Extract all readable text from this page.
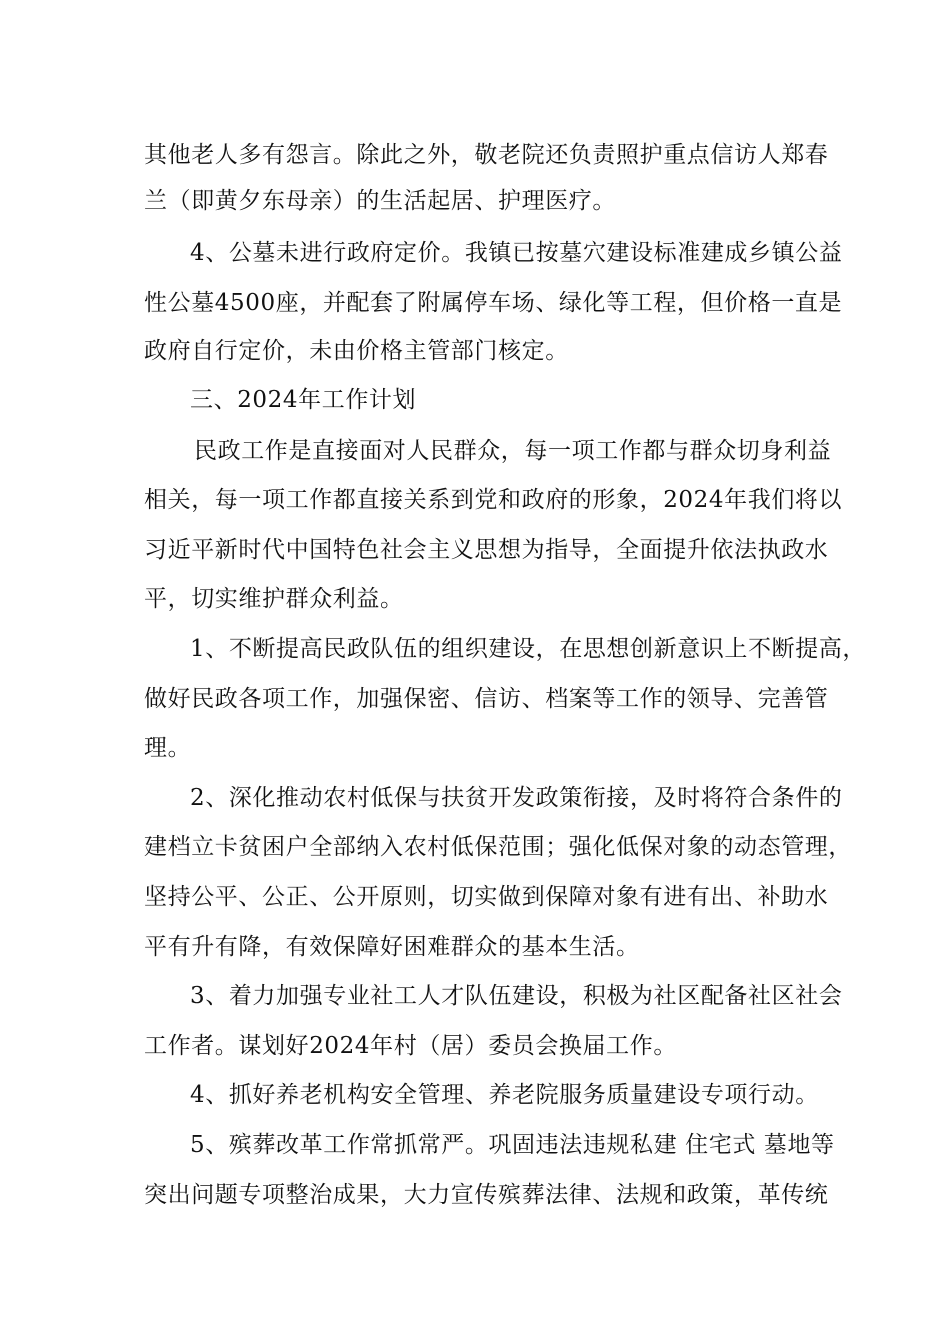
其他老人多有怨言。除此之外，敬老院还负责照护重点信访人郑春
兰（即黄夕东母亲）的生活起居、护理医疗。
4、公墓未进行政府定价。我镇已按墓穴建设标准建成乡镇公益
性公墓4500座，并配套了附属停车场、绿化等工程，但价格一直是
政府自行定价，未由价格主管部门核定。
三、2024年工作计划
民政工作是直接面对人民群众，每一项工作都与群众切身利益
相关，每一项工作都直接关系到党和政府的形象，2024年我们将以
习近平新时代中国特色社会主义思想为指导，全面提升依法执政水
平，切实维护群众利益。
1、不断提高民政队伍的组织建设，在思想创新意识上不断提高，
做好民政各项工作，加强保密、信访、档案等工作的领导、完善管
理。
2、深化推动农村低保与扶贫开发政策衔接，及时将符合条件的
建档立卡贫困户全部纳入农村低保范围；强化低保对象的动态管理，
坚持公平、公正、公开原则，切实做到保障对象有进有出、补助水
平有升有降，有效保障好困难群众的基本生活。
3、着力加强专业社工人才队伍建设，积极为社区配备社区社会
工作者。谋划好2024年村（居）委员会换届工作。
4、抓好养老机构安全管理、养老院服务质量建设专项行动。
5、殡葬改革工作常抓常严。巩固违法违规私建 住宅式 墓地等
突出问题专项整治成果，大力宣传殡葬法律、法规和政策，革传统
